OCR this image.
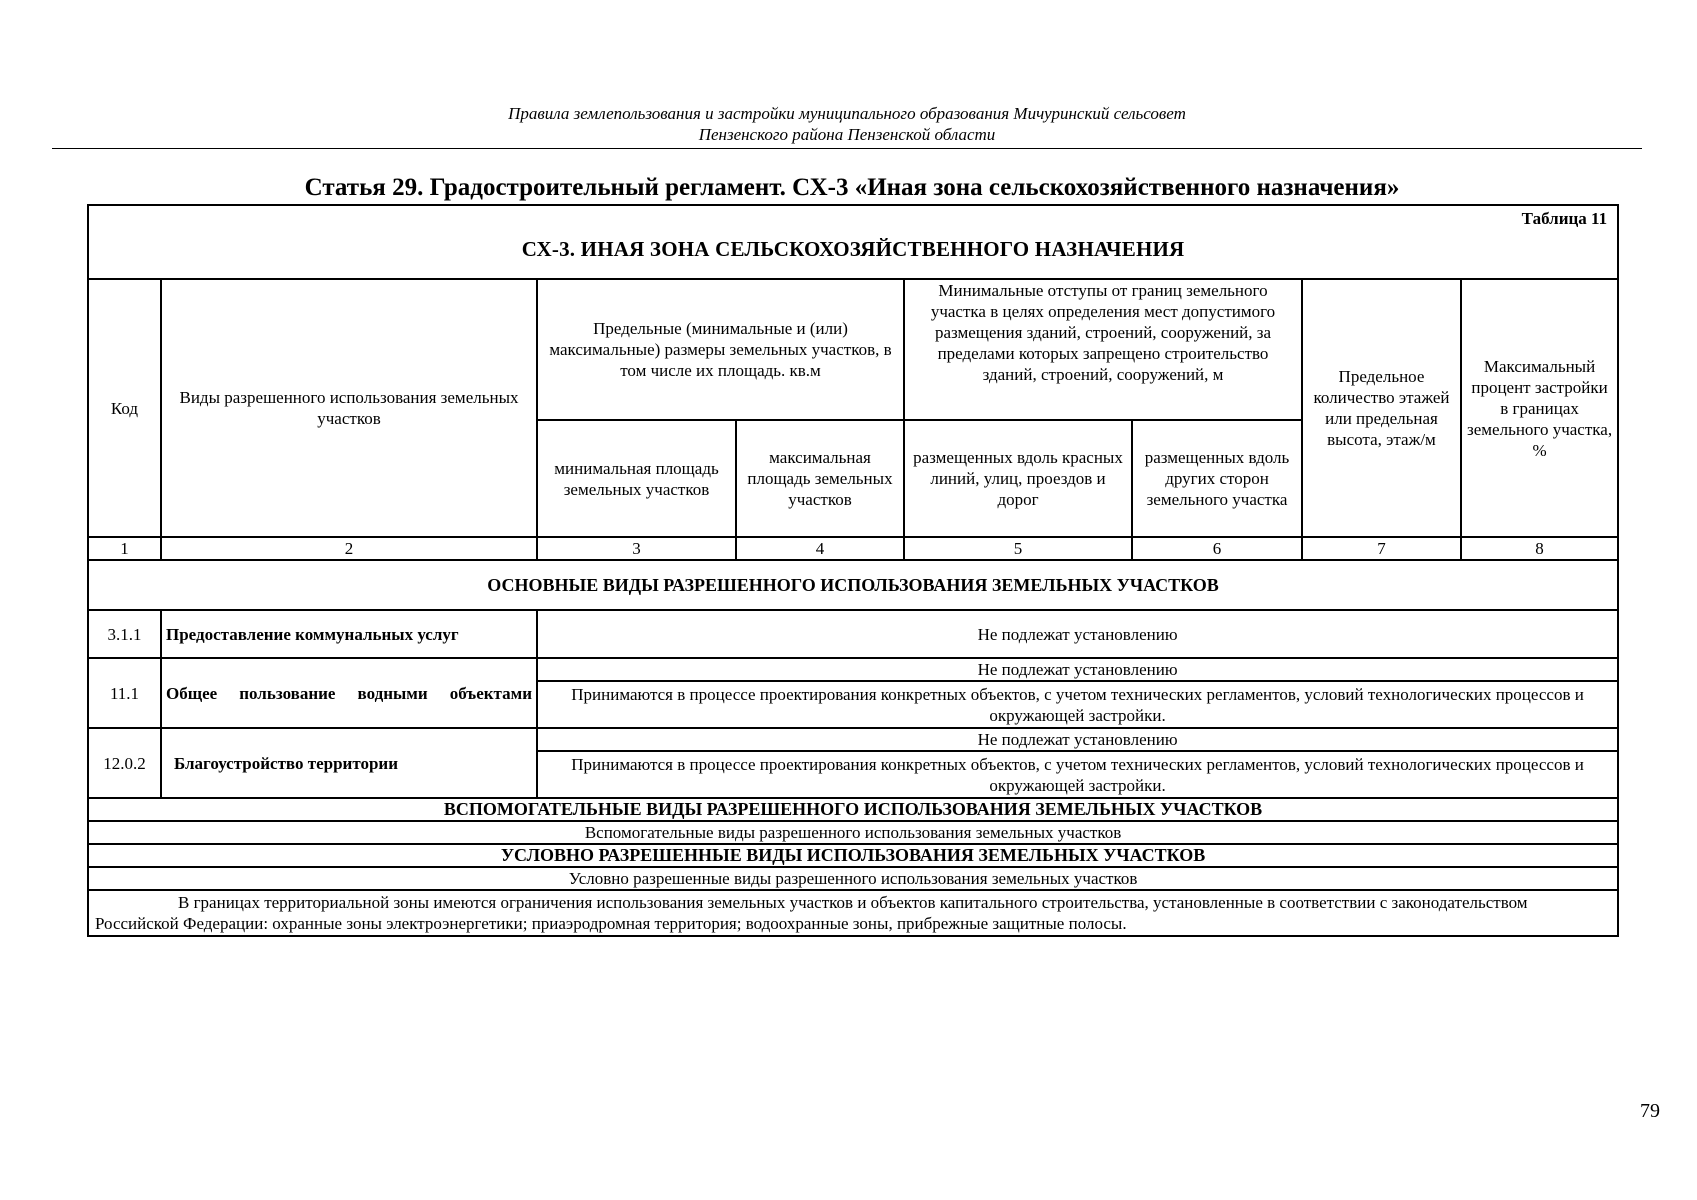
Правила землепользования и застройки муниципального образования Мичуринский сельсовет
Пензенского района Пензенской области
Статья 29. Градостроительный регламент. СХ-3 «Иная зона сельскохозяйственного назначения»
Таблица 11
СХ-3. ИНАЯ ЗОНА СЕЛЬСКОХОЗЯЙСТВЕННОГО НАЗНАЧЕНИЯ							

Код	Виды разрешенного использования земельных участков	Предельные (минимальные и (или) максимальные) размеры земельных участков, в том числе их площадь. кв.м		Минимальные отступы от границ земельного участка в целях определения мест допустимого размещения зданий, строений, сооружений, за пределами которых запрещено строительство зданий, строений, сооружений, м		Предельное количество этажей или предельная высота, этаж/м	Максимальный процент застройки в границах земельного участка, %
		минимальная площадь земельных участков	максимальная площадь земельных участков	размещенных вдоль красных линий, улиц, проездов и дорог	размещенных вдоль других сторон земельного участка		
1	2	3	4	5	6	7	8
ОСНОВНЫЕ ВИДЫ РАЗРЕШЕННОГО ИСПОЛЬЗОВАНИЯ ЗЕМЕЛЬНЫХ УЧАСТКОВ							
3.1.1	Предоставление коммунальных услуг	Не подлежат установлению					
11.1	Общее пользование водными объектами	Не подлежат установлению					
		Принимаются в процессе проектирования конкретных объектов, с учетом технических регламентов, условий технологических процессов и окружающей застройки.					
12.0.2	Благоустройство территории	Не подлежат установлению					
		Принимаются в процессе проектирования конкретных объектов, с учетом технических регламентов, условий технологических процессов и окружающей застройки.					
ВСПОМОГАТЕЛЬНЫЕ ВИДЫ РАЗРЕШЕННОГО ИСПОЛЬЗОВАНИЯ ЗЕМЕЛЬНЫХ УЧАСТКОВ							
Вспомогательные виды разрешенного использования земельных участков							
УСЛОВНО РАЗРЕШЕННЫЕ ВИДЫ ИСПОЛЬЗОВАНИЯ ЗЕМЕЛЬНЫХ УЧАСТКОВ							
Условно разрешенные виды разрешенного использования земельных участков							
В границах территориальной зоны имеются ограничения использования земельных участков и объектов капитального строительства, установленные в соответствии с законодательством Российской Федерации: охранные зоны электроэнергетики; приаэродромная территория; водоохранные зоны, прибрежные защитные полосы.							
79
